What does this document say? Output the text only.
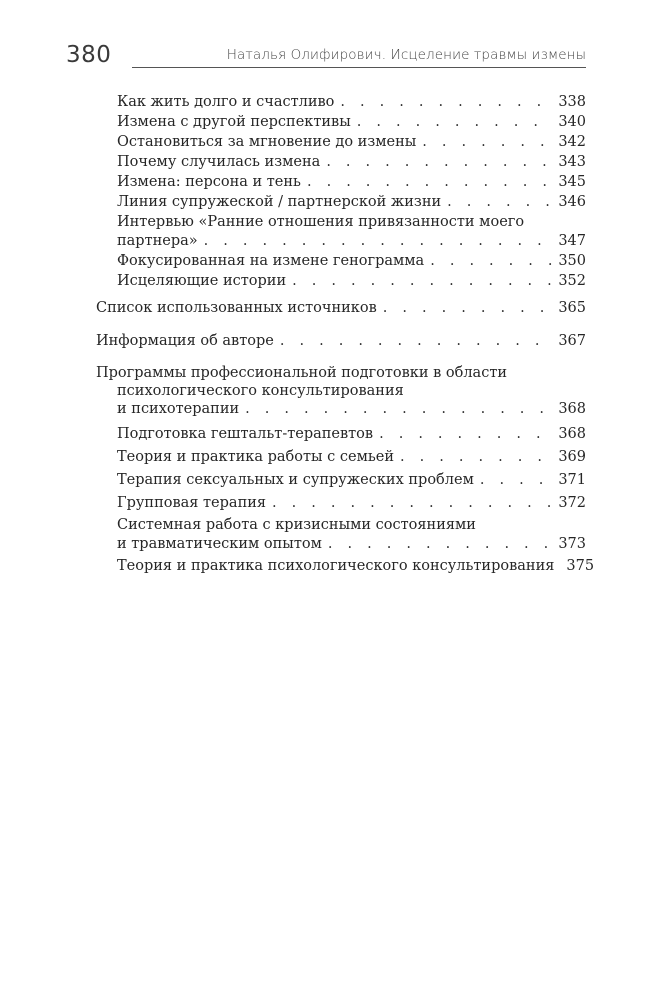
380	Наталья Олифирович. Исцеление травмы измены
Как жить долго и счастливо . . .	338
Измена с другой перспективы . . .	340
Остановиться за мгновение до измены . . .	342
Почему случилась измена . . .	343
Измена: персона и тень . . .	345
Линия супружеской / партнерской жизни . . .	346
Интервью «Ранние отношения привязанности моего
партнера» . . .	347
Фокусированная на измене генограмма . . .	350
Исцеляющие истории . . .	352
Список использованных источников . . .	365
Информация об авторе . . .	367
Программы профессиональной подготовки в области
психологического консультирования
и психотерапии . . .	368
Подготовка гештальт-терапевтов . . .	368
Теория и практика работы с семьей . . .	369
Терапия сексуальных и супружеских проблем . . .	371
Групповая терапия . . .	372
Системная работа с кризисными состояниями
и травматическим опытом . . .	373
Теория и практика психологического консультирования 375
